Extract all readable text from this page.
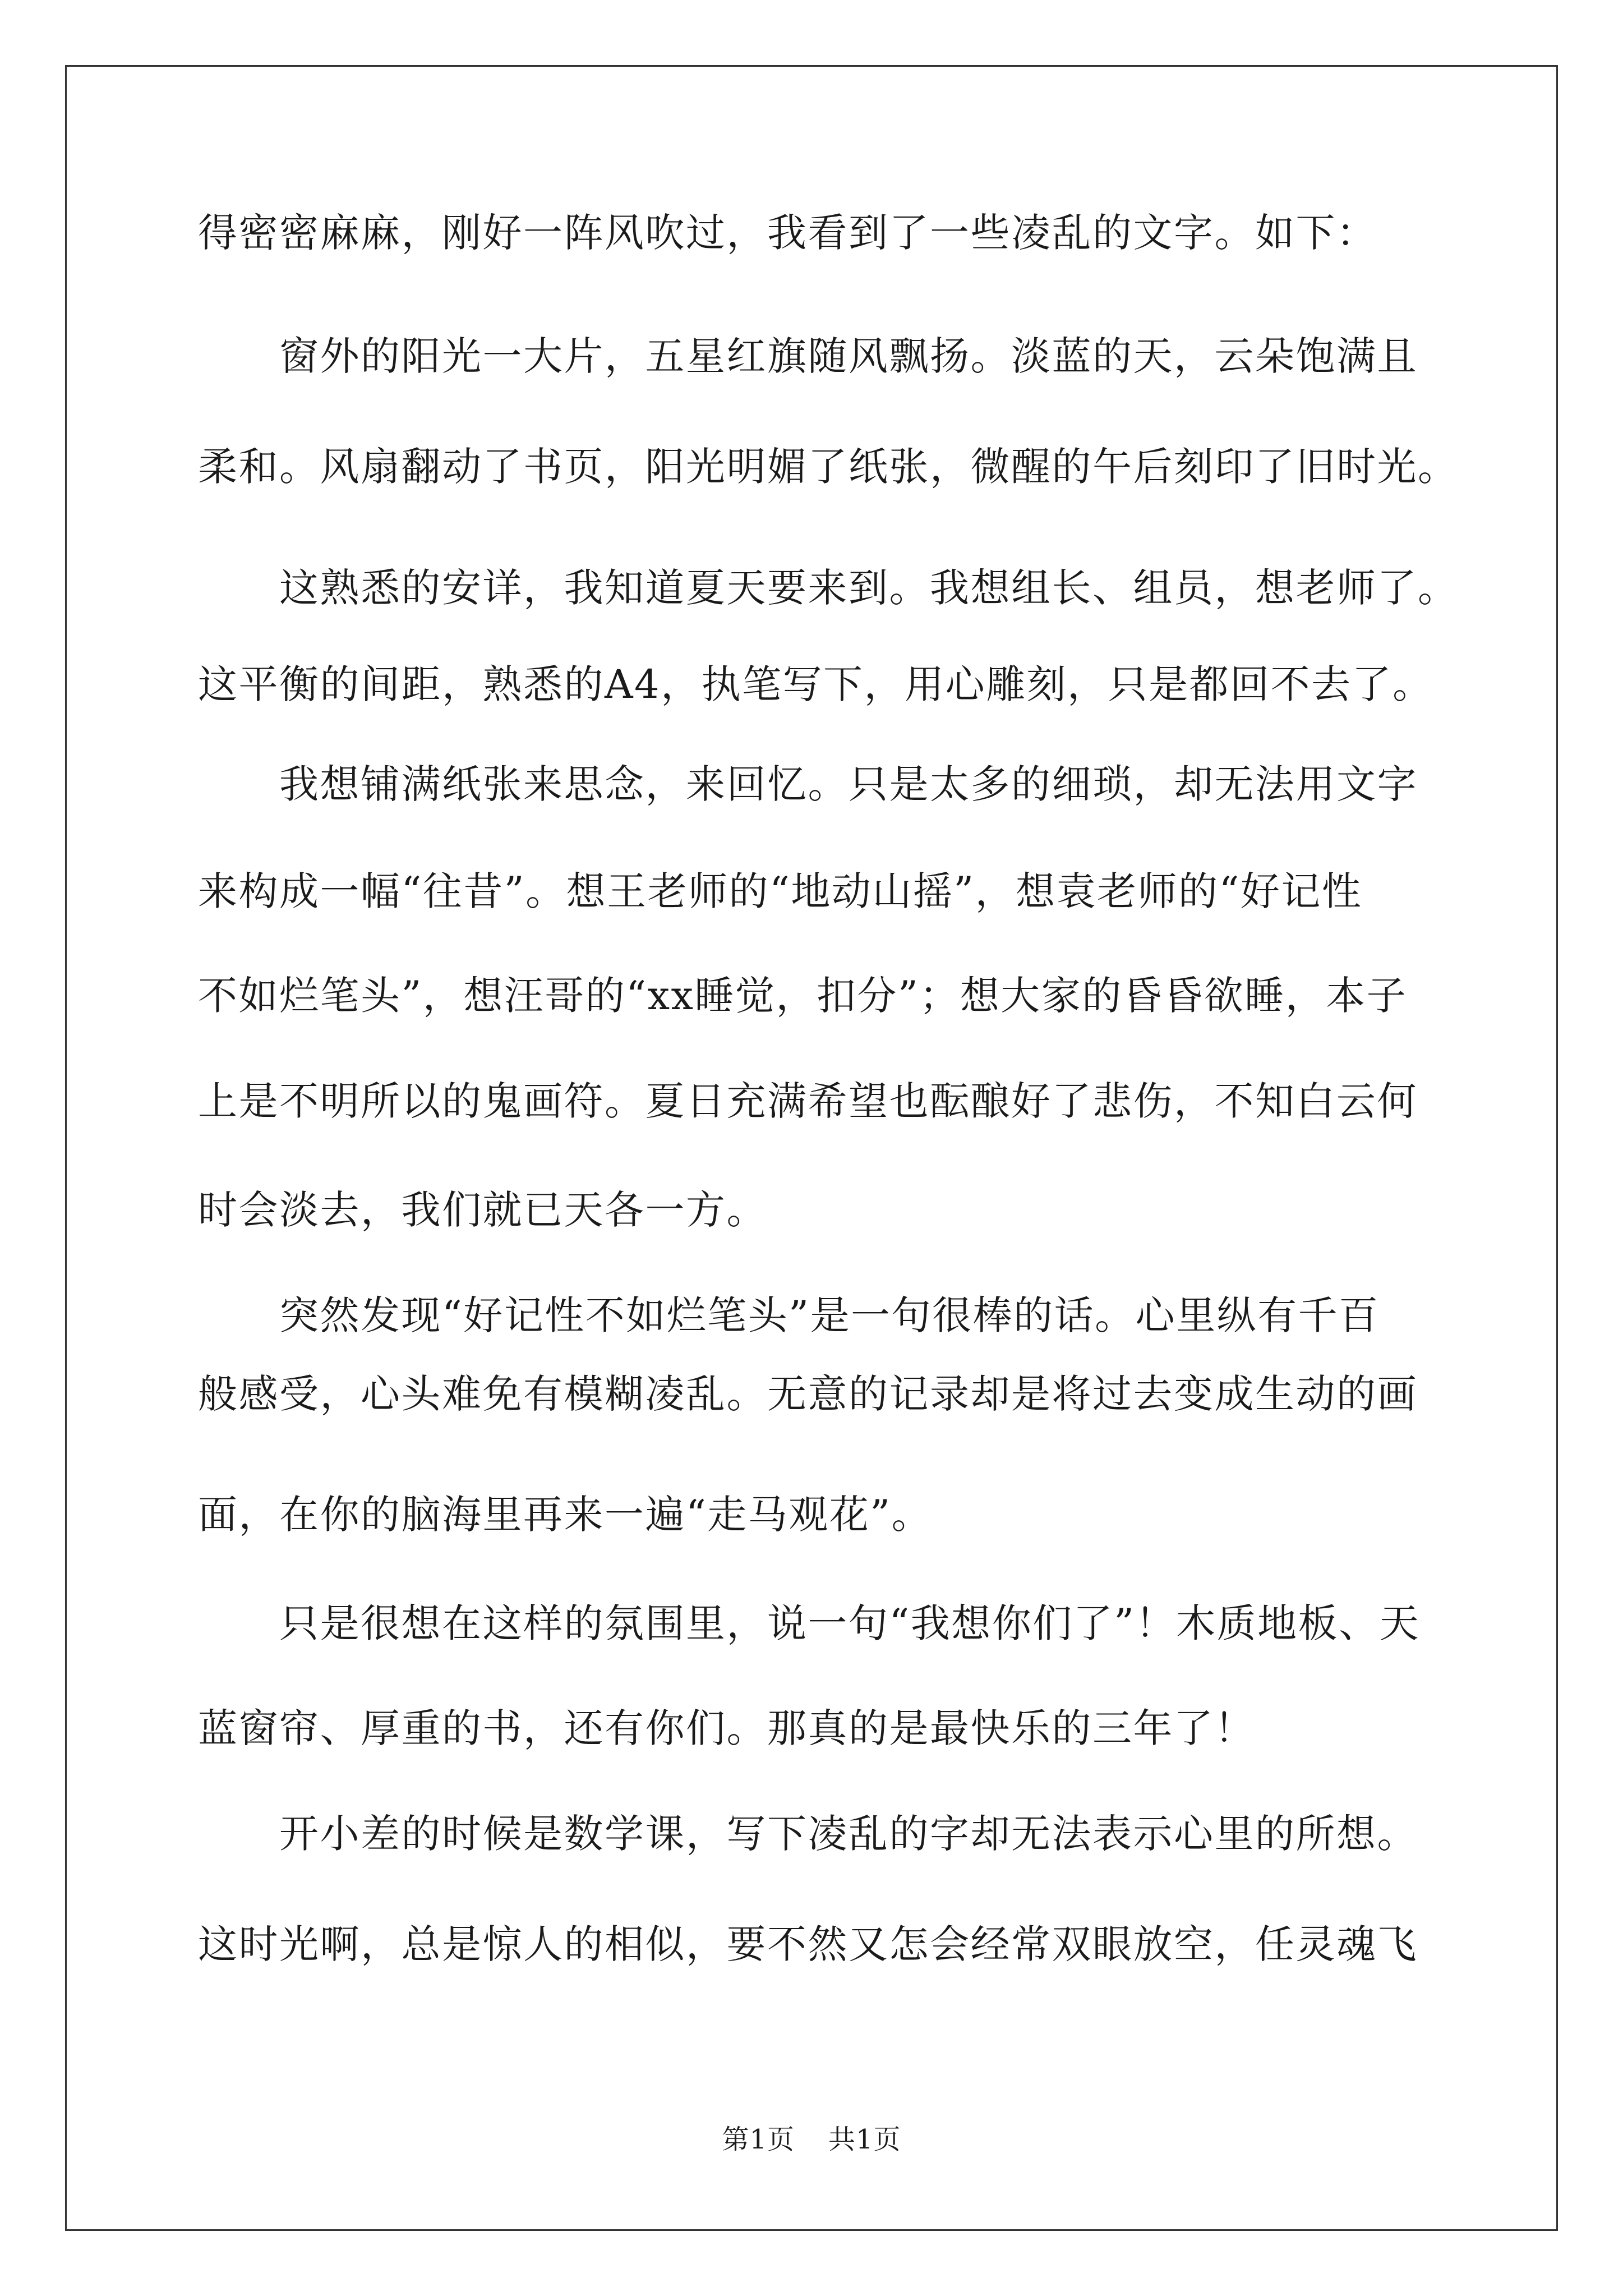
得密密麻麻，刚好一阵风吹过，我看到了一些凌乱的文字。如下：
窗外的阳光一大片，五星红旗随风飘扬。淡蓝的天，云朵饱满且
柔和。风扇翻动了书页，阳光明媚了纸张，微醒的午后刻印了旧时光。
这熟悉的安详，我知道夏天要来到。我想组长、组员，想老师了。
这平衡的间距，熟悉的A4，执笔写下，用心雕刻，只是都回不去了。
我想铺满纸张来思念，来回忆。只是太多的细琐，却无法用文字
来构成一幅“往昔”。想王老师的“地动山摇”，想袁老师的“好记性
不如烂笔头”，想汪哥的“xx睡觉，扣分”；想大家的昏昏欲睡，本子
上是不明所以的鬼画符。夏日充满希望也酝酿好了悲伤，不知白云何
时会淡去，我们就已天各一方。
突然发现“好记性不如烂笔头”是一句很棒的话。心里纵有千百
般感受，心头难免有模糊凌乱。无意的记录却是将过去变成生动的画
面，在你的脑海里再来一遍“走马观花”。
只是很想在这样的氛围里，说一句“我想你们了”！木质地板、天
蓝窗帘、厚重的书，还有你们。那真的是最快乐的三年了！
开小差的时候是数学课，写下凌乱的字却无法表示心里的所想。
这时光啊，总是惊人的相似，要不然又怎会经常双眼放空，任灵魂飞
第1页 共1页
